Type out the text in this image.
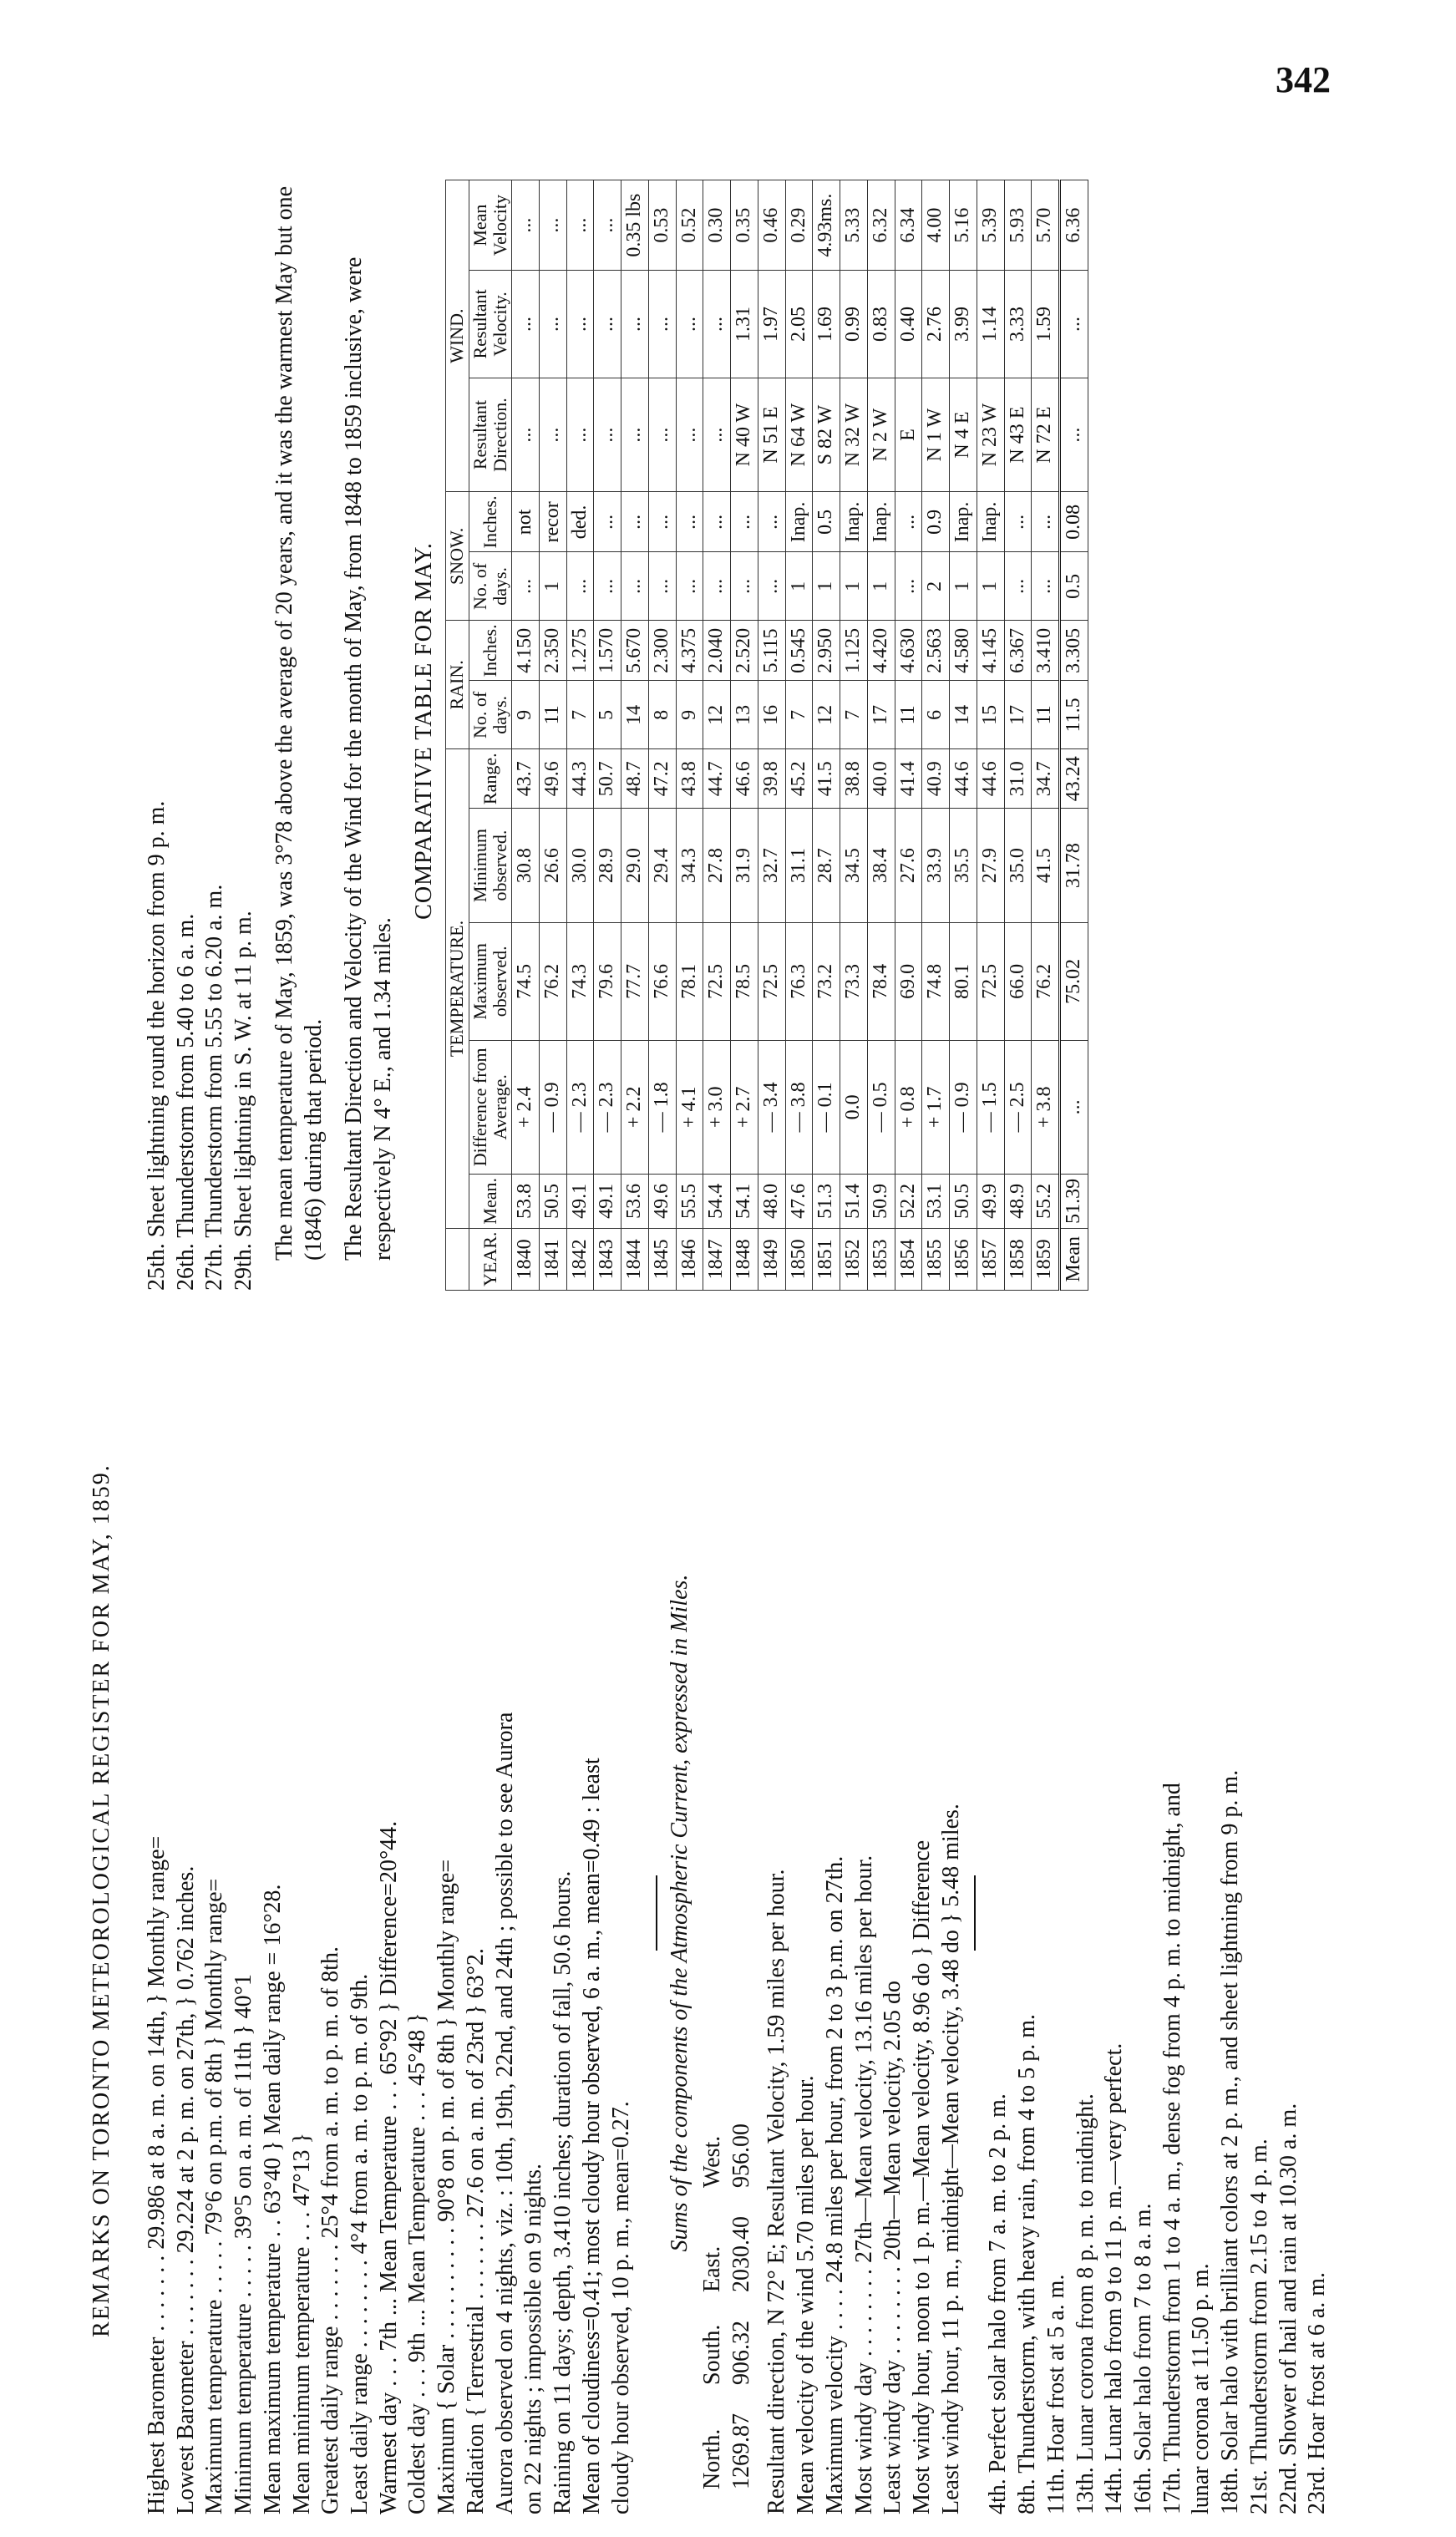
342
REMARKS ON TORONTO METEOROLOGICAL REGISTER FOR MAY, 1859. Highest Barometer . . . . . . . 29.986 at 8 a. m. on 14th, } Monthly range= Lowest Barometer . . . . . . . 29.224 at 2 p. m. on 27th, } 0.762 inches. Maximum temperature . . . . . 79°6 on p.m. of 8th } Monthly range= Minimum temperature . . . . . 39°5 on a. m. of 11th } 40°1 Mean maximum temperature . . 63°40 } Mean daily range = 16°28. Mean minimum temperature . . . 47°13 } Greatest daily range . . . . . . . 25°4 from a. m. to p. m. of 8th. Least daily range . . . . . . . . 4°4 from a. m. to p. m. of 9th. Warmest day . . . 7th ... Mean Temperature . . . 65°92 } Difference=20°44. Coldest day . . . 9th ... Mean Temperature . . . 45°48 } Maximum { Solar . . . . . . . . . . 90°8 on p. m. of 8th } Monthly range= Radiation { Terrestrial . . . . . . . 27.6 on a. m. of 23rd } 63°2. Aurora observed on 4 nights, viz. : 10th, 19th, 22nd, and 24th ; possible to see Aurora on 22 nights ; impossible on 9 nights. Raining on 11 days; depth, 3.410 inches; duration of fall, 50.6 hours. Mean of cloudiness=0.41; most cloudy hour observed, 6 a. m., mean=0.49 : least cloudy hour observed, 10 p. m., mean=0.27.
Sums of the components of the Atmospheric Current, expressed in Miles.
North.	South.	East.	West.
1269.87	906.32	2030.40	956.00 Resultant direction, N 72° E; Resultant Velocity, 1.59 miles per hour. Mean velocity of the wind 5.70 miles per hour. Maximum velocity . . . . 24.8 miles per hour, from 2 to 3 p.m. on 27th. Most windy day . . . . . . . . 27th—Mean velocity, 13.16 miles per hour. Least windy day . . . . . . . . 20th—Mean velocity, 2.05 do Most windy hour, noon to 1 p. m.—Mean velocity, 8.96 do } Difference Least windy hour, 11 p. m., midnight—Mean velocity, 3.48 do } 5.48 miles. 4th. Perfect solar halo from 7 a. m. to 2 p. m. 8th. Thunderstorm, with heavy rain, from 4 to 5 p. m. 11th. Hoar frost at 5 a. m. 13th. Lunar corona from 8 p. m. to midnight. 14th. Lunar halo from 9 to 11 p. m.—very perfect. 16th. Solar halo from 7 to 8 a. m. 17th. Thunderstorm from 1 to 4 a. m., dense fog from 4 p. m. to midnight, and lunar corona at 11.50 p. m. 18th. Solar halo with brilliant colors at 2 p. m., and sheet lightning from 9 p. m. 21st. Thunderstorm from 2.15 to 4 p. m. 22nd. Shower of hail and rain at 10.30 a. m. 23rd. Hoar frost at 6 a. m.
25th. Sheet lightning round the horizon from 9 p. m. 26th. Thunderstorm from 5.40 to 6 a. m. 27th. Thunderstorm from 5.55 to 6.20 a. m. 29th. Sheet lightning in S. W. at 11 p. m. The mean temperature of May, 1859, was 3°78 above the average of 20 years, and it was the warmest May but one (1846) during that period. The Resultant Direction and Velocity of the Wind for the month of May, from 1848 to 1859 inclusive, were respectively N 4° E., and 1.34 miles.
COMPARATIVE TABLE FOR MAY.
	TEMPERATURE.					RAIN.		SNOW.		WIND.		
YEAR.	Mean.	Difference from Average.	Maximum observed.	Minimum observed.	Range.	No. of days.	Inches.	No. of days.	Inches.	Resultant Direction.	Resultant Velocity.	Mean Velocity
1840	53.8	+ 2.4	74.5	30.8	43.7	9	4.150	...	not	...	...	...
1841	50.5	— 0.9	76.2	26.6	49.6	11	2.350	1	recor	...	...	...
1842	49.1	— 2.3	74.3	30.0	44.3	7	1.275	...	ded.	...	...	...
1843	49.1	— 2.3	79.6	28.9	50.7	5	1.570	...	...	...	...	...
1844	53.6	+ 2.2	77.7	29.0	48.7	14	5.670	...	...	...	...	0.35 lbs
1845	49.6	— 1.8	76.6	29.4	47.2	8	2.300	...	...	...	...	0.53
1846	55.5	+ 4.1	78.1	34.3	43.8	9	4.375	...	...	...	...	0.52
1847	54.4	+ 3.0	72.5	27.8	44.7	12	2.040	...	...	...	...	0.30
1848	54.1	+ 2.7	78.5	31.9	46.6	13	2.520	...	...	N 40 W	1.31	0.35
1849	48.0	— 3.4	72.5	32.7	39.8	16	5.115	...	...	N 51 E	1.97	0.46
1850	47.6	— 3.8	76.3	31.1	45.2	7	0.545	1	Inap.	N 64 W	2.05	0.29
1851	51.3	— 0.1	73.2	28.7	41.5	12	2.950	1	0.5	S 82 W	1.69	4.93ms.
1852	51.4	0.0	73.3	34.5	38.8	7	1.125	1	Inap.	N 32 W	0.99	5.33
1853	50.9	— 0.5	78.4	38.4	40.0	17	4.420	1	Inap.	N 2 W	0.83	6.32
1854	52.2	+ 0.8	69.0	27.6	41.4	11	4.630	...	...	E	0.40	6.34
1855	53.1	+ 1.7	74.8	33.9	40.9	6	2.563	2	0.9	N 1 W	2.76	4.00
1856	50.5	— 0.9	80.1	35.5	44.6	14	4.580	1	Inap.	N 4 E	3.99	5.16
1857	49.9	— 1.5	72.5	27.9	44.6	15	4.145	1	Inap.	N 23 W	1.14	5.39
1858	48.9	— 2.5	66.0	35.0	31.0	17	6.367	...	...	N 43 E	3.33	5.93
1859	55.2	+ 3.8	76.2	41.5	34.7	11	3.410	...	...	N 72 E	1.59	5.70
Mean	51.39	...	75.02	31.78	43.24	11.5	3.305	0.5	0.08	...	...	6.36
